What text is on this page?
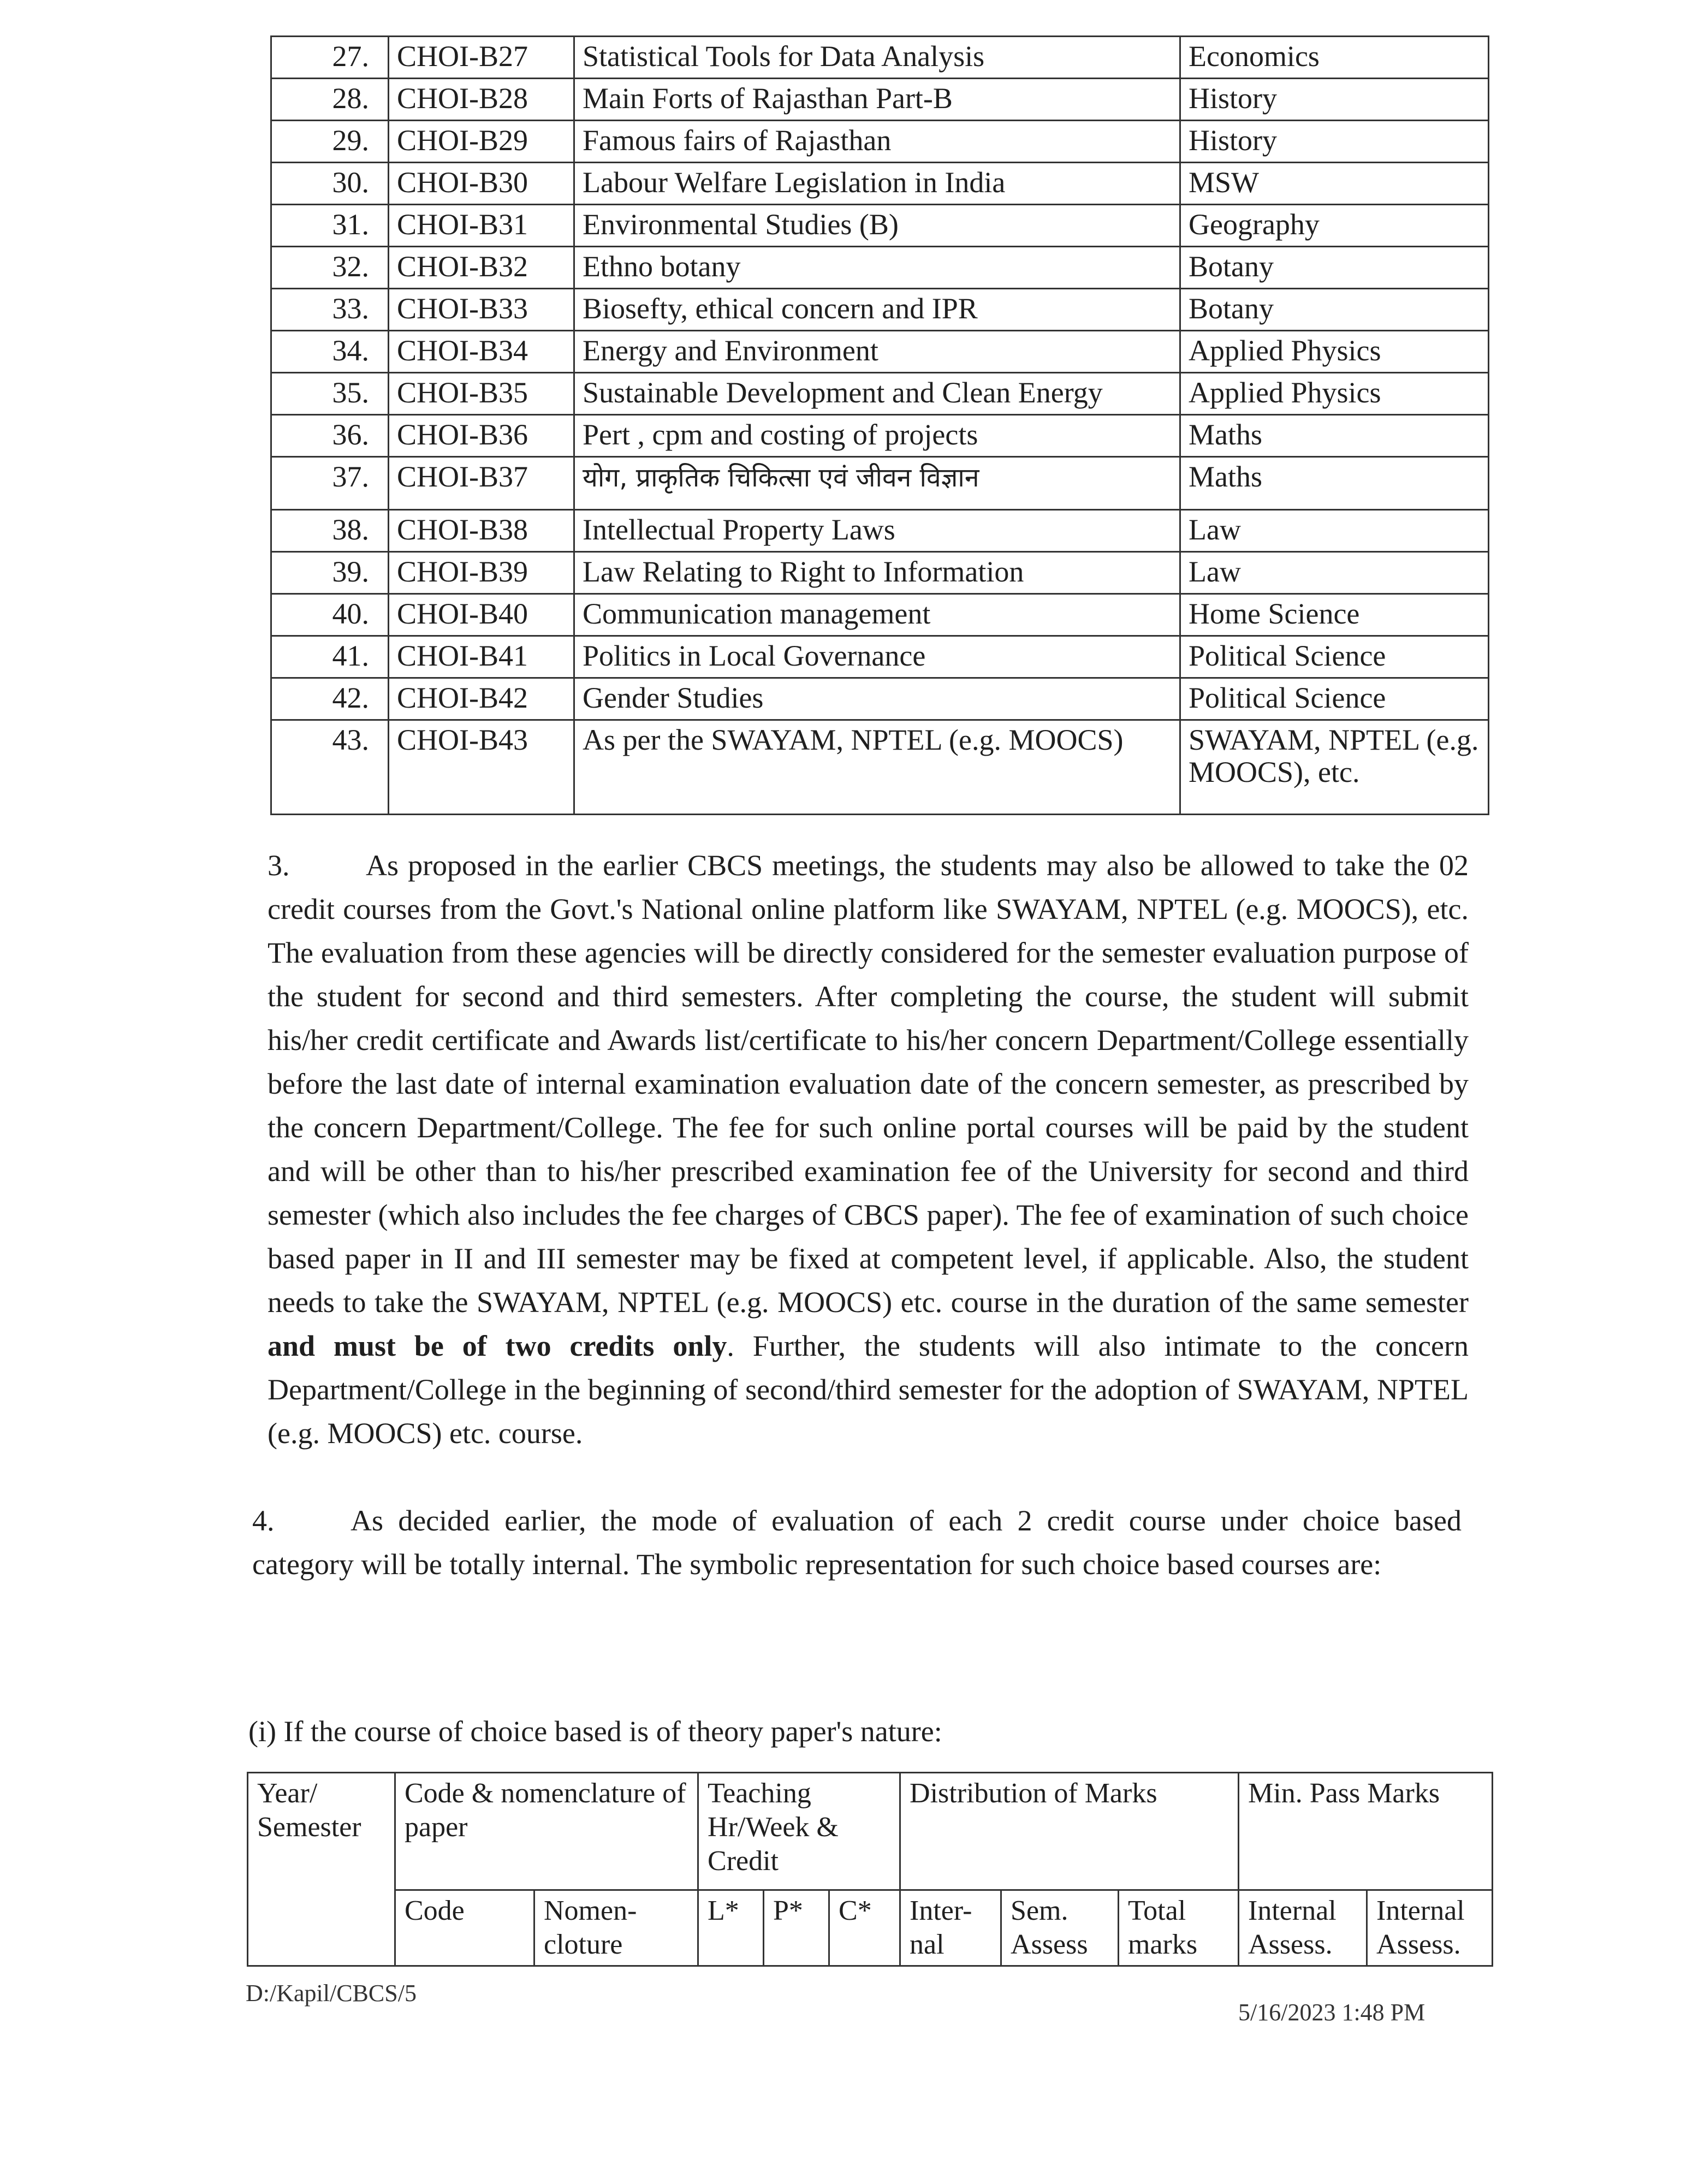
27.	CHOI-B27	Statistical Tools for Data Analysis	Economics
28.	CHOI-B28	Main Forts of Rajasthan Part-B	History
29.	CHOI-B29	Famous fairs of Rajasthan	History
30.	CHOI-B30	Labour Welfare Legislation in India	MSW
31.	CHOI-B31	Environmental Studies (B)	Geography
32.	CHOI-B32	Ethno botany	Botany
33.	CHOI-B33	Biosefty, ethical concern and IPR	Botany
34.	CHOI-B34	Energy and Environment	Applied Physics
35.	CHOI-B35	Sustainable Development and Clean Energy	Applied Physics
36.	CHOI-B36	Pert , cpm and costing of projects	Maths
37.	CHOI-B37	योग, प्राकृतिक चिकित्सा एवं जीवन विज्ञान	Maths
38.	CHOI-B38	Intellectual Property Laws	Law
39.	CHOI-B39	Law Relating to Right to Information	Law
40.	CHOI-B40	Communication management	Home Science
41.	CHOI-B41	Politics in Local Governance	Political Science
42.	CHOI-B42	Gender Studies	Political Science
43.	CHOI-B43	As per the SWAYAM, NPTEL (e.g. MOOCS)	SWAYAM, NPTEL (e.g. MOOCS), etc.

3.	As proposed in the earlier CBCS meetings, the students may also be allowed to take the 02 credit courses from the Govt.'s National online platform like SWAYAM, NPTEL (e.g. MOOCS), etc. The evaluation from these agencies will be directly considered for the semester evaluation purpose of the student for second and third semesters. After completing the course, the student will submit his/her credit certificate and Awards list/certificate to his/her concern Department/College essentially before the last date of internal examination evaluation date of the concern semester, as prescribed by the concern Department/College. The fee for such online portal courses will be paid by the student and will be other than to his/her prescribed examination fee of the University for second and third semester (which also includes the fee charges of CBCS paper). The fee of examination of such choice based paper in II and III semester may be fixed at competent level, if applicable. Also, the student needs to take the SWAYAM, NPTEL (e.g. MOOCS) etc. course in the duration of the same semester and must be of two credits only. Further, the students will also intimate to the concern Department/College in the beginning of second/third semester for the adoption of SWAYAM, NPTEL (e.g. MOOCS) etc. course.

4.	As decided earlier, the mode of evaluation of each 2 credit course under choice based category will be totally internal. The symbolic representation for such choice based courses are:

(i) If the course of choice based is of theory paper's nature:

Year/ Semester	Code & nomenclature of paper		Teaching Hr/Week & Credit			Distribution of Marks			Min. Pass Marks	
	Code	Nomen-cloture	L*	P*	C*	Inter-nal	Sem. Assess	Total marks	Internal Assess.	Internal Assess.

D:/Kapil/CBCS/5

5/16/2023 1:48 PM
